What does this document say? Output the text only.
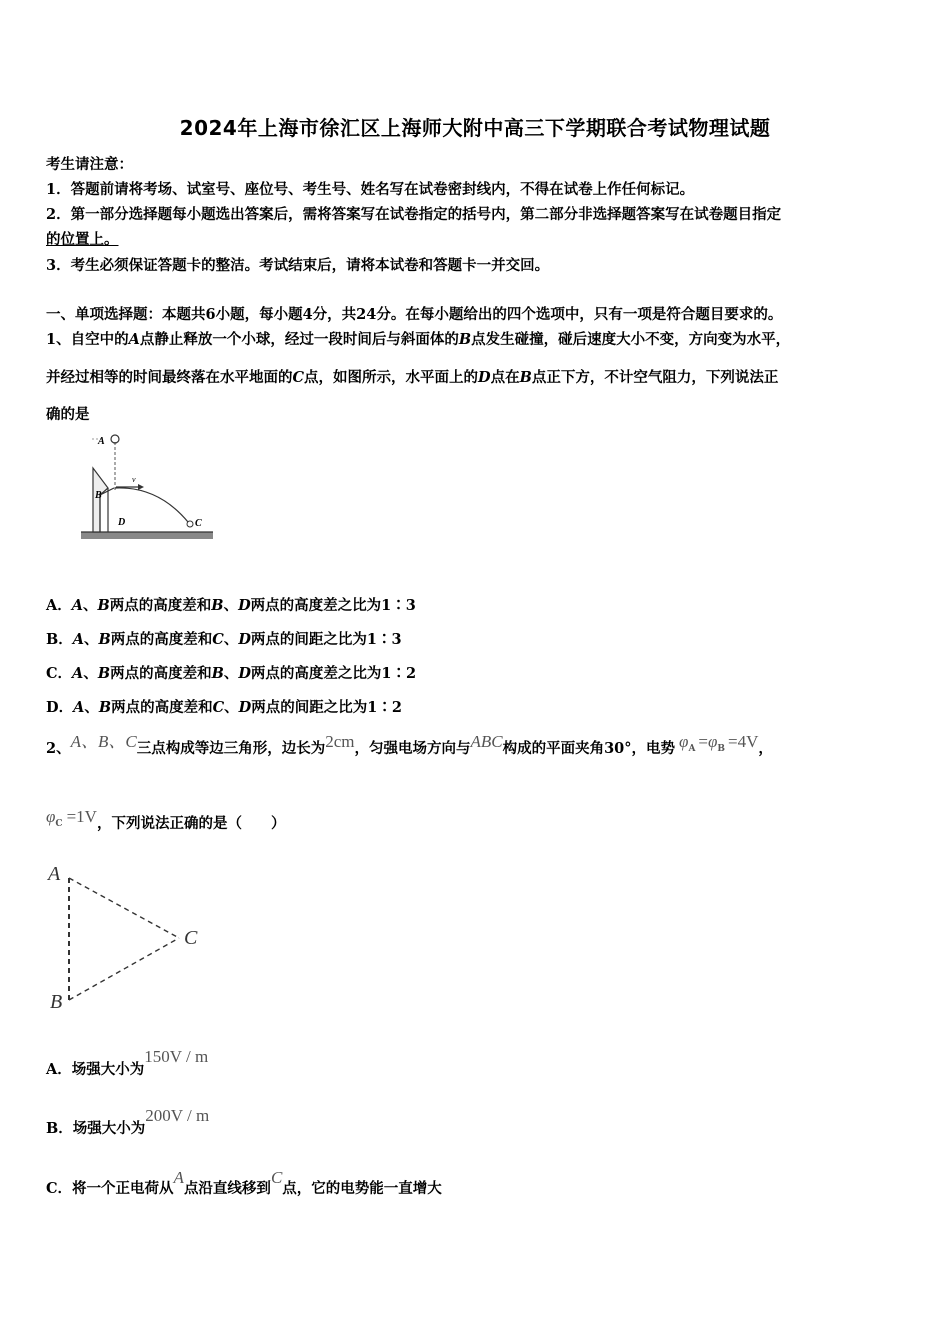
2024年上海市徐汇区上海师大附中高三下学期联合考试物理试题
考生请注意：
1．答题前请将考场、试室号、座位号、考生号、姓名写在试卷密封线内，不得在试卷上作任何标记。
2．第一部分选择题每小题选出答案后，需将答案写在试卷指定的括号内，第二部分非选择题答案写在试卷题目指定
的位置上。
3．考生必须保证答题卡的整洁。考试结束后，请将本试卷和答题卡一并交回。
一、单项选择题：本题共6小题，每小题4分，共24分。在每小题给出的四个选项中，只有一项是符合题目要求的。
1、自空中的A点静止释放一个小球，经过一段时间后与斜面体的B点发生碰撞，碰后速度大小不变，方向变为水平，
并经过相等的时间最终落在水平地面的C点，如图所示，水平面上的D点在B点正下方，不计空气阻力，下列说法正
确的是
A
B
D	C
v
A．A、B两点的高度差和B、D两点的高度差之比为1∶3
B．A、B两点的高度差和C、D两点的间距之比为1∶3
C．A、B两点的高度差和B、D两点的高度差之比为1∶2
D．A、B两点的高度差和C、D两点的间距之比为1∶2
2、A、B、C三点构成等边三角形，边长为2cm，匀强电场方向与ABC构成的平面夹角30°，电势 φA =φB =4V，
φC =1V，下列说法正确的是（　　）
A
B
C
A．场强大小为150V / m
B．场强大小为200V / m
C．将一个正电荷从A点沿直线移到C点，它的电势能一直增大
